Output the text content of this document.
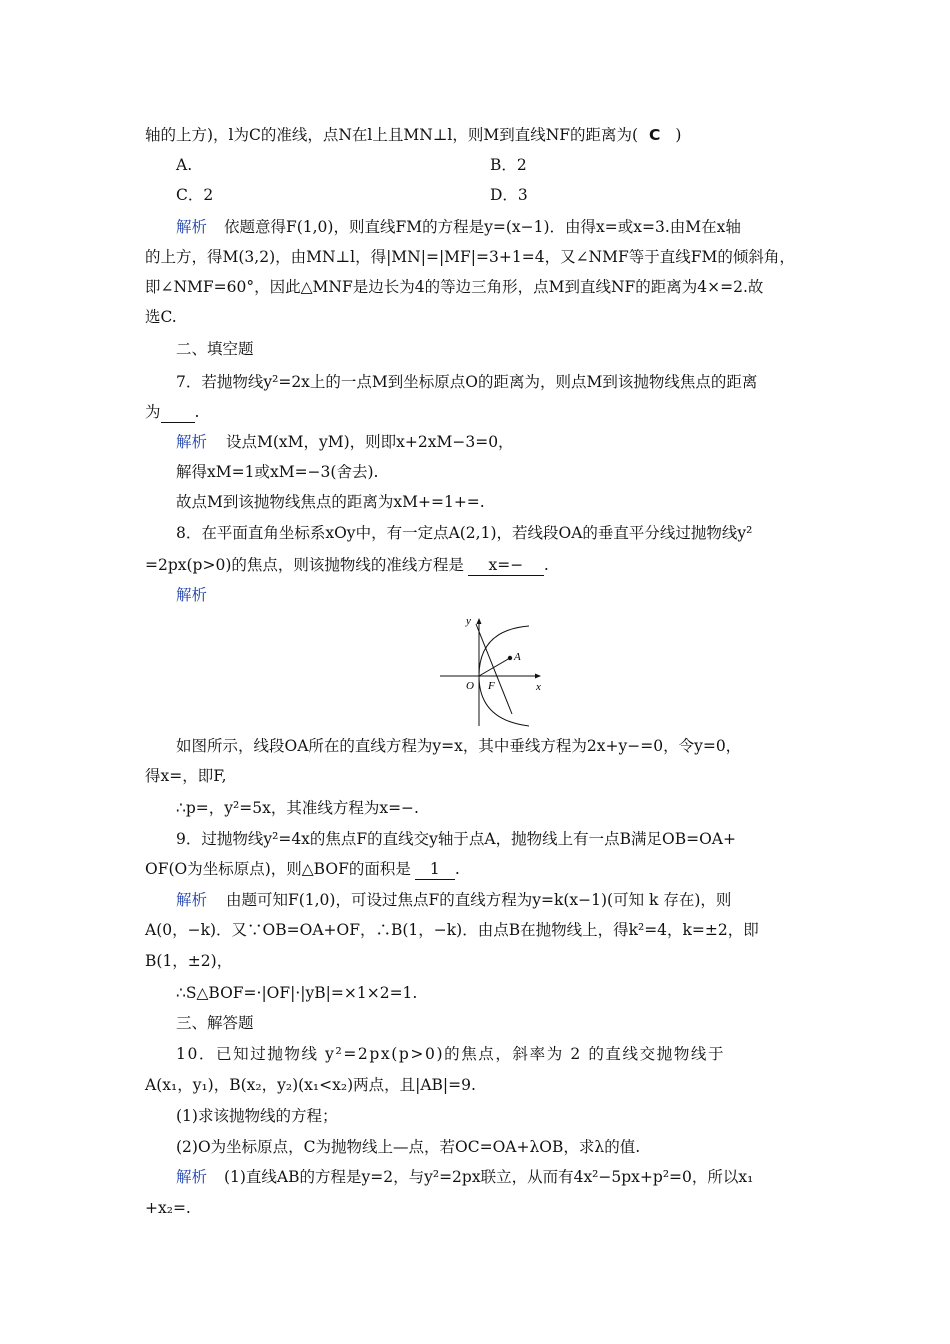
轴的上方)，l为C的准线，点N在l上且MN⊥l，则M到直线NF的距离为( C )
A.	B．2
C．2	D．3
解析 依题意得F(1,0)，则直线FM的方程是y=(x−1)．由得x=或x=3.由M在x轴
的上方，得M(3,2)，由MN⊥l，得|MN|=|MF|=3+1=4，又∠NMF等于直线FM的倾斜角，
即∠NMF=60°，因此△MNF是边长为4的等边三角形，点M到直线NF的距离为4×=2.故
选C.
二、填空题
7．若抛物线y²=2x上的一点M到坐标原点O的距离为，则点M到该抛物线焦点的距离
为 .
解析 设点M(xM，yM)，则即x+2xM−3=0，
解得xM=1或xM=−3(舍去).
故点M到该抛物线焦点的距离为xM+=1+=.
8．在平面直角坐标系xOy中，有一定点A(2,1)，若线段OA的垂直平分线过抛物线y²
=2px(p>0)的焦点，则该抛物线的准线方程是 x=− .
解析
y
x
O F
A
如图所示，线段OA所在的直线方程为y=x，其中垂线方程为2x+y−=0，令y=0，
得x=，即F,
∴p=，y²=5x，其准线方程为x=−.
9．过抛物线y²=4x的焦点F的直线交y轴于点A，抛物线上有一点B满足OB=OA+
OF(O为坐标原点)，则△BOF的面积是 1 .
解析 由题可知F(1,0)，可设过焦点F的直线方程为y=k(x−1)(可知 k 存在)，则
A(0，−k)．又∵OB=OA+OF，∴B(1，−k)．由点B在抛物线上，得k²=4，k=±2，即
B(1，±2)，
∴S△BOF=·|OF|·|yB|=×1×2=1.
三、解答题
10．已知过抛物线 y²=2px(p>0)的焦点，斜率为 2 的直线交抛物线于
A(x₁，y₁)，B(x₂，y₂)(x₁<x₂)两点，且|AB|=9.
(1)求该抛物线的方程；
(2)O为坐标原点，C为抛物线上—点，若OC=OA+λOB，求λ的值.
解析 (1)直线AB的方程是y=2，与y²=2px联立，从而有4x²−5px+p²=0，所以x₁
+x₂=.
